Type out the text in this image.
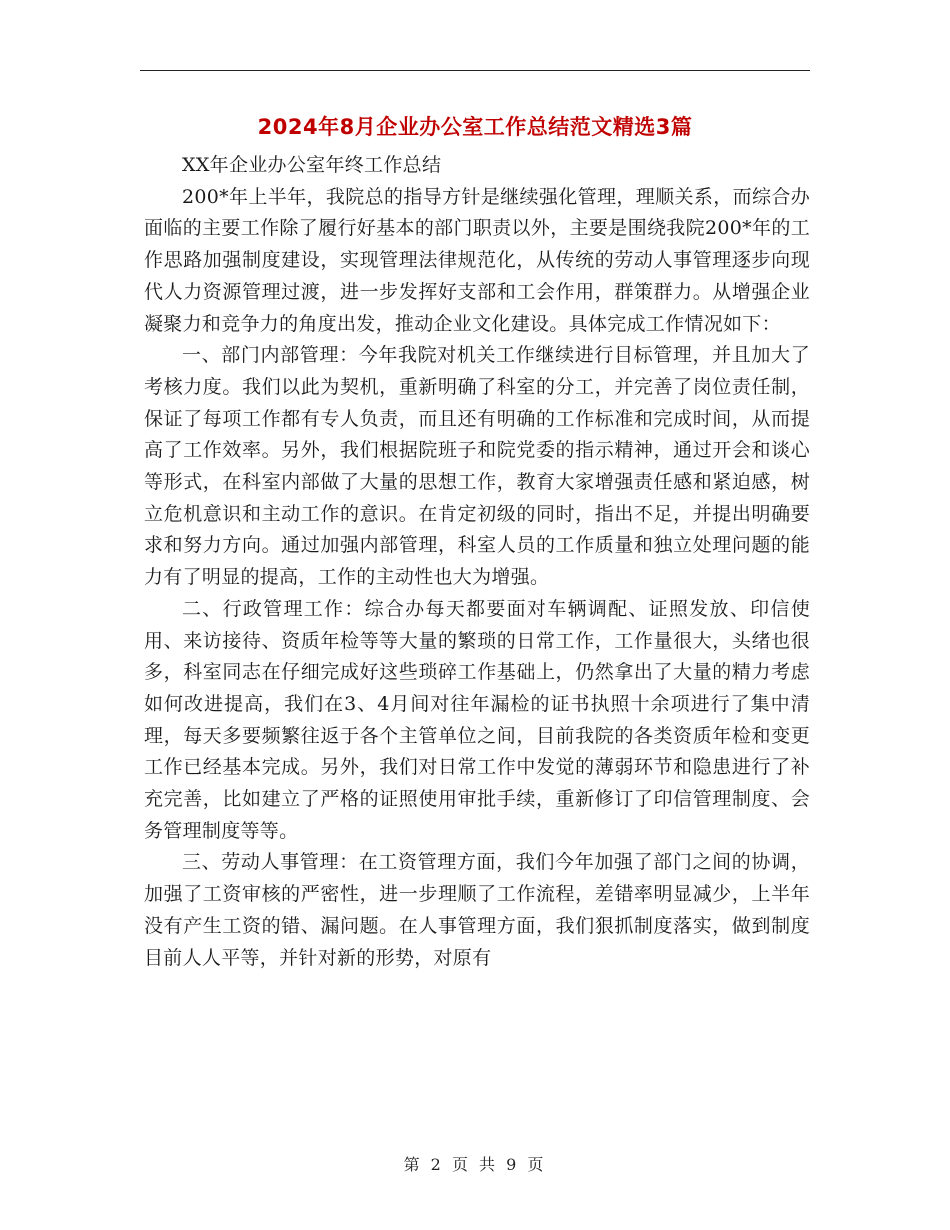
2024年8月企业办公室工作总结范文精选3篇

XX年企业办公室年终工作总结

200*年上半年，我院总的指导方针是继续强化管理，理顺关系，而综合办面临的主要工作除了履行好基本的部门职责以外，主要是围绕我院200*年的工作思路加强制度建设，实现管理法律规范化，从传统的劳动人事管理逐步向现代人力资源管理过渡，进一步发挥好支部和工会作用，群策群力。从增强企业凝聚力和竞争力的角度出发，推动企业文化建设。具体完成工作情况如下：

一、部门内部管理：今年我院对机关工作继续进行目标管理，并且加大了考核力度。我们以此为契机，重新明确了科室的分工，并完善了岗位责任制，保证了每项工作都有专人负责，而且还有明确的工作标准和完成时间，从而提高了工作效率。另外，我们根据院班子和院党委的指示精神，通过开会和谈心等形式，在科室内部做了大量的思想工作，教育大家增强责任感和紧迫感，树立危机意识和主动工作的意识。在肯定初级的同时，指出不足，并提出明确要求和努力方向。通过加强内部管理，科室人员的工作质量和独立处理问题的能力有了明显的提高，工作的主动性也大为增强。

二、行政管理工作：综合办每天都要面对车辆调配、证照发放、印信使用、来访接待、资质年检等等大量的繁琐的日常工作，工作量很大，头绪也很多，科室同志在仔细完成好这些琐碎工作基础上，仍然拿出了大量的精力考虑如何改进提高，我们在3、4月间对往年漏检的证书执照十余项进行了集中清理，每天多要频繁往返于各个主管单位之间，目前我院的各类资质年检和变更工作已经基本完成。另外，我们对日常工作中发觉的薄弱环节和隐患进行了补充完善，比如建立了严格的证照使用审批手续，重新修订了印信管理制度、会务管理制度等等。

三、劳动人事管理：在工资管理方面，我们今年加强了部门之间的协调，加强了工资审核的严密性，进一步理顺了工作流程，差错率明显减少，上半年没有产生工资的错、漏问题。在人事管理方面，我们狠抓制度落实，做到制度目前人人平等，并针对新的形势，对原有

第 2 页 共 9 页
